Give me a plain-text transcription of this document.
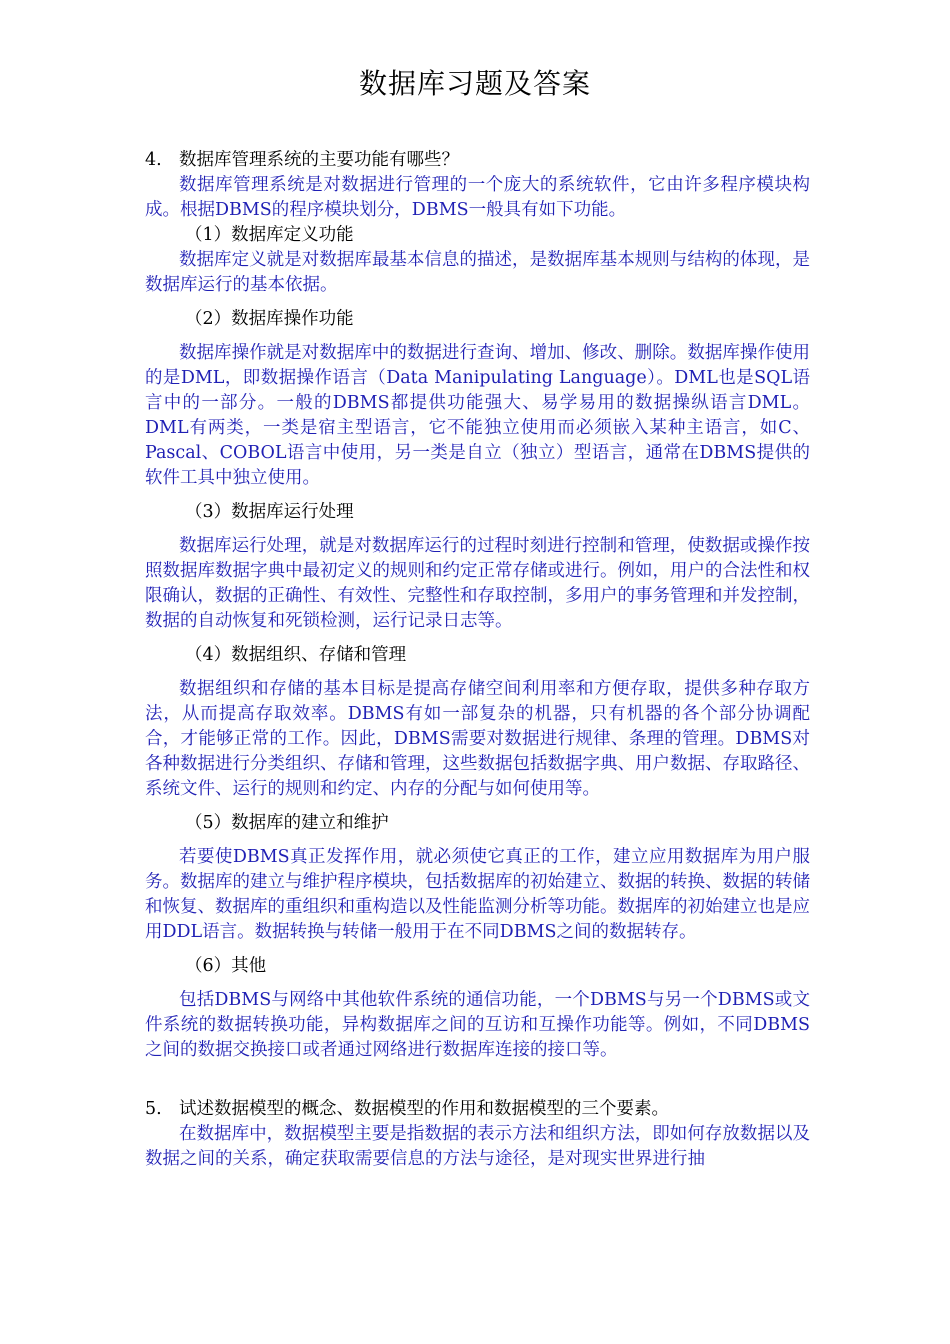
数据库习题及答案

4. 数据库管理系统的主要功能有哪些？

数据库管理系统是对数据进行管理的一个庞大的系统软件，它由许多程序模块构成。根据DBMS的程序模块划分，DBMS一般具有如下功能。

（1）数据库定义功能

数据库定义就是对数据库最基本信息的描述，是数据库基本规则与结构的体现，是数据库运行的基本依据。

（2）数据库操作功能

数据库操作就是对数据库中的数据进行查询、增加、修改、删除。数据库操作使用的是DML，即数据操作语言（Data Manipulating Language）。DML也是SQL语言中的一部分。一般的DBMS都提供功能强大、易学易用的数据操纵语言DML。DML有两类，一类是宿主型语言，它不能独立使用而必须嵌入某种主语言，如C、Pascal、COBOL语言中使用，另一类是自立（独立）型语言，通常在DBMS提供的软件工具中独立使用。

（3）数据库运行处理

数据库运行处理，就是对数据库运行的过程时刻进行控制和管理，使数据或操作按照数据库数据字典中最初定义的规则和约定正常存储或进行。例如，用户的合法性和权限确认，数据的正确性、有效性、完整性和存取控制，多用户的事务管理和并发控制，数据的自动恢复和死锁检测，运行记录日志等。

（4）数据组织、存储和管理

数据组织和存储的基本目标是提高存储空间利用率和方便存取，提供多种存取方法，从而提高存取效率。DBMS有如一部复杂的机器，只有机器的各个部分协调配合，才能够正常的工作。因此，DBMS需要对数据进行规律、条理的管理。DBMS对各种数据进行分类组织、存储和管理，这些数据包括数据字典、用户数据、存取路径、系统文件、运行的规则和约定、内存的分配与如何使用等。

（5）数据库的建立和维护

若要使DBMS真正发挥作用，就必须使它真正的工作，建立应用数据库为用户服务。数据库的建立与维护程序模块，包括数据库的初始建立、数据的转换、数据的转储和恢复、数据库的重组织和重构造以及性能监测分析等功能。数据库的初始建立也是应用DDL语言。数据转换与转储一般用于在不同DBMS之间的数据转存。

（6）其他

包括DBMS与网络中其他软件系统的通信功能，一个DBMS与另一个DBMS或文件系统的数据转换功能，异构数据库之间的互访和互操作功能等。例如，不同DBMS之间的数据交换接口或者通过网络进行数据库连接的接口等。

5. 试述数据模型的概念、数据模型的作用和数据模型的三个要素。

在数据库中，数据模型主要是指数据的表示方法和组织方法，即如何存放数据以及数据之间的关系，确定获取需要信息的方法与途径，是对现实世界进行抽
